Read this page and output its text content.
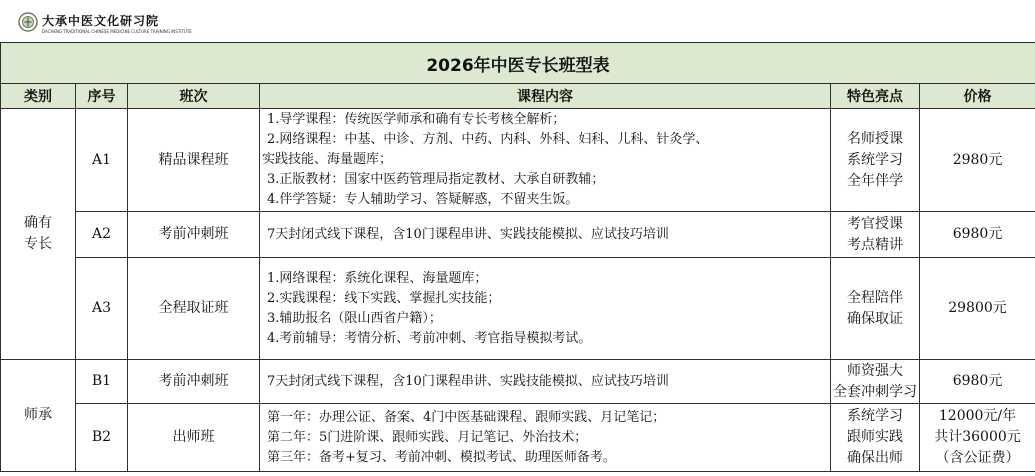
大承中医文化研习院
DACHENG TRADITIONAL CHINESE MEDICINE CULTURE TRAINING INSTITUTE
2026年中医专长班型表					
类别	序号	班次	课程内容	特色亮点	价格

确有
专长	A1	精品课程班	1.导学课程：传统医学师承和确有专长考核全解析；
2.网络课程：中基、中诊、方剂、中药、内科、外科、妇科、儿科、针灸学、
实践技能、海量题库；
3.正版教材：国家中医药管理局指定教材、大承自研教辅；
4.伴学答疑：专人辅助学习、答疑解惑，不留夹生饭。	名师授课
系统学习
全年伴学	2980元

	A2	考前冲刺班	7天封闭式线下课程，含10门课程串讲、实践技能模拟、应试技巧培训	考官授课
考点精讲	6980元

	A3	全程取证班	1.网络课程：系统化课程、海量题库；
2.实践课程：线下实践、掌握扎实技能；
3.辅助报名（限山西省户籍）；
4.考前辅导：考情分析、考前冲刺、考官指导模拟考试。	全程陪伴
确保取证	29800元

师承	B1	考前冲刺班	7天封闭式线下课程，含10门课程串讲、实践技能模拟、应试技巧培训	师资强大
全套冲刺学习	6980元

	B2	出师班	第一年：办理公证、备案、4门中医基础课程、跟师实践、月记笔记；
第二年：5门进阶课、跟师实践、月记笔记、外治技术；
第三年：备考+复习、考前冲刺、模拟考试、助理医师备考。	系统学习
跟师实践
确保出师	12000元/年
共计36000元
（含公证费）
